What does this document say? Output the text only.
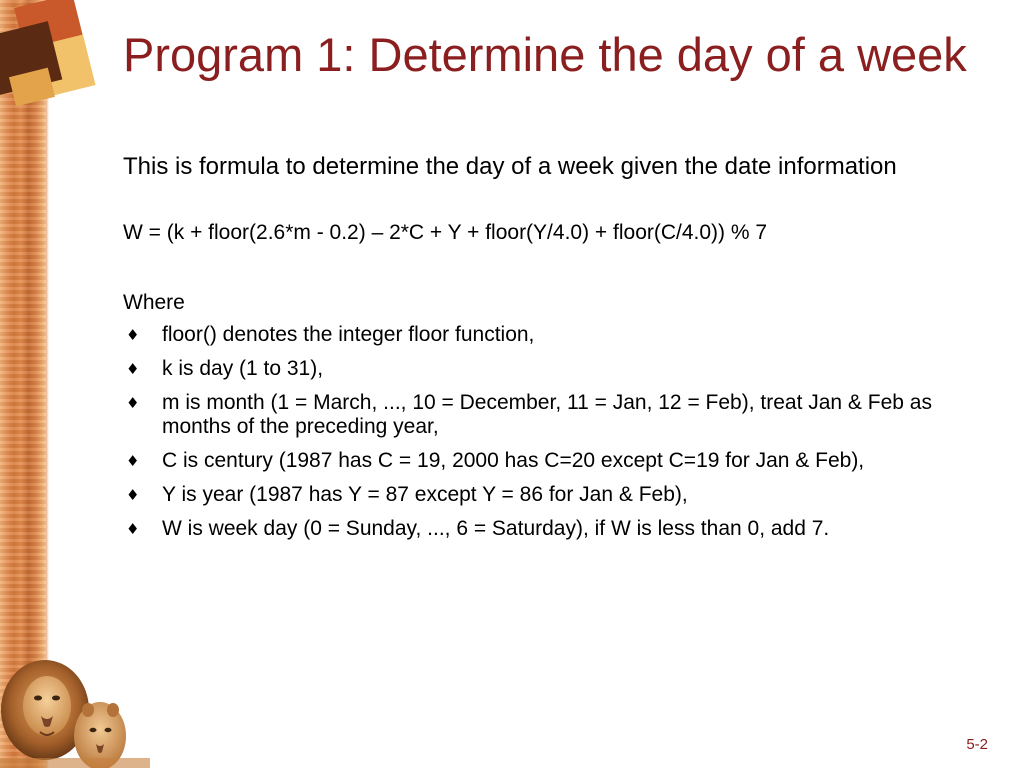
Program 1: Determine the day of a week

This is formula to determine the day of a week given the date information

W = (k + floor(2.6*m - 0.2) – 2*C + Y + floor(Y/4.0) + floor(C/4.0)) % 7

Where

♦ floor() denotes the integer floor function,
♦ k is day (1 to 31),
♦ m is month (1 = March, ..., 10 = December, 11 = Jan, 12 = Feb), treat Jan & Feb as months of the preceding year,
♦ C is century (1987 has C = 19, 2000 has C=20 except C=19 for Jan & Feb),
♦ Y is year (1987 has Y = 87 except Y = 86 for Jan & Feb),
♦ W is week day (0 = Sunday, ..., 6 = Saturday), if W is less than 0, add 7.
5-2
